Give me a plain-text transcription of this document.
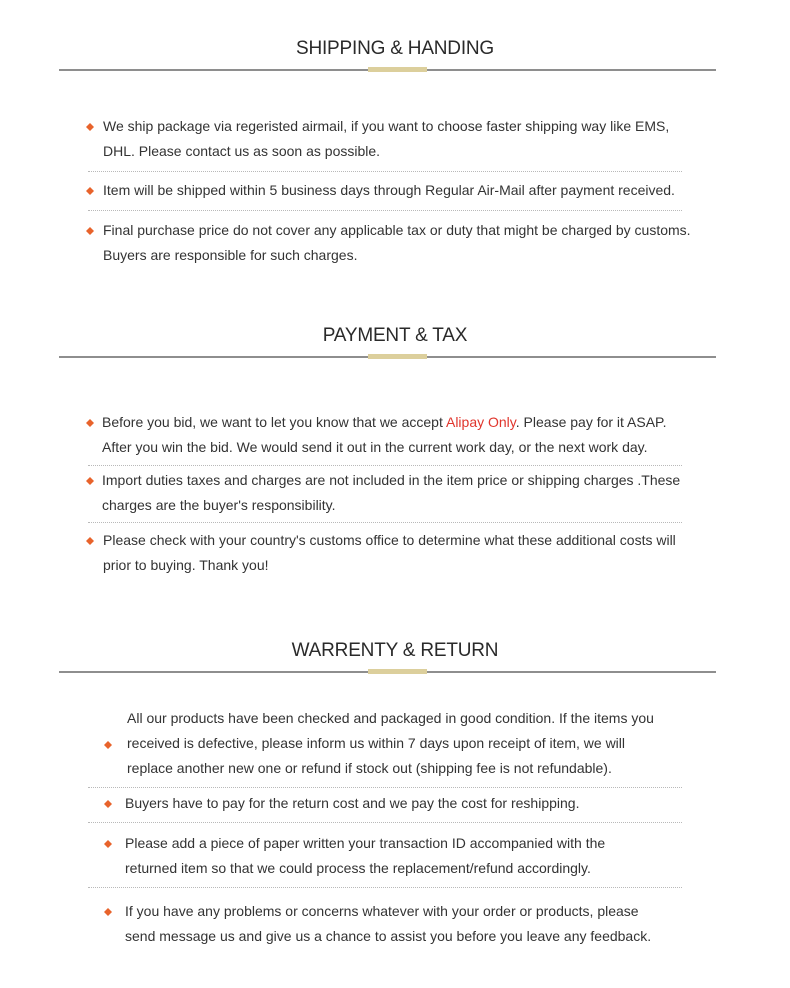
SHIPPING & HANDING
We ship package via regeristed airmail, if you want to choose faster shipping way like EMS, DHL. Please contact us as soon as possible.
Item will be shipped within 5 business days through Regular Air-Mail after payment received.
Final purchase price do not cover any applicable tax or duty that might be charged by customs. Buyers are responsible for such charges.
PAYMENT & TAX
Before you bid, we want to let you know that we accept Alipay Only. Please pay for it ASAP. After you win the bid. We would send it out in the current work day, or the next work day.
Import duties taxes and charges are not included in the item price or shipping charges .These charges are the buyer's responsibility.
Please check with your country's customs office to determine what these additional costs will prior to buying. Thank you!
WARRENTY & RETURN
All our products have been checked and packaged in good condition. If the items you received is defective, please inform us within 7 days upon receipt of item, we will replace another new one or refund if stock out (shipping fee is not refundable).
Buyers have to pay for the return cost and we pay the cost for reshipping.
Please add a piece of paper written your transaction ID accompanied with the returned item so that we could process the replacement/refund accordingly.
If you have any problems or concerns whatever with your order or products, please send message us and give us a chance to assist you before you leave any feedback.
